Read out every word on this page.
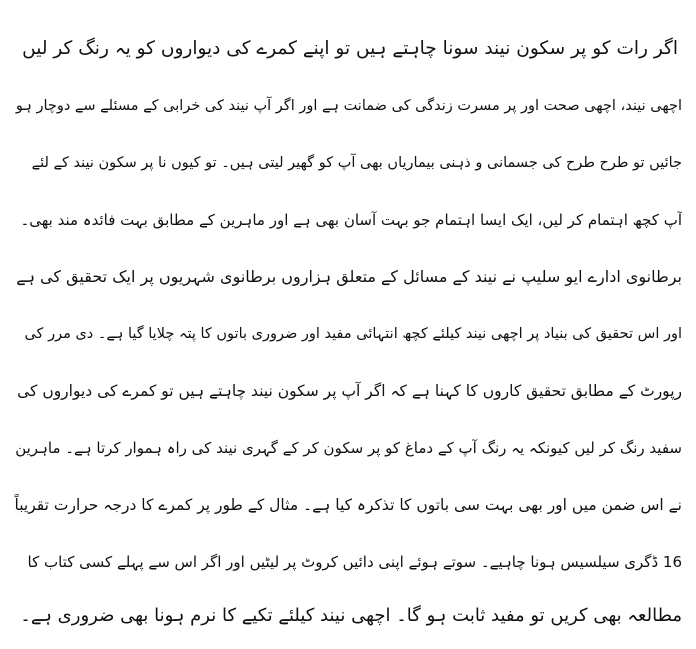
اگر رات کو پر سکون نیند سونا چاہتے ہیں تو اپنے کمرے کی دیواروں کو یہ رنگ کر لیں
اچھی نیند، اچھی صحت اور پر مسرت زندگی کی ضمانت ہے اور اگر آپ نیند کی خرابی کے مسئلے سے دوچار ہو
جائیں تو طرح طرح کی جسمانی و ذہنی بیماریاں بھی آپ کو گھیر لیتی ہیں۔ تو کیوں نا پر سکون نیند کے لئے
آپ کچھ اہتمام کر لیں، ایک ایسا اہتمام جو بہت آسان بھی ہے اور ماہرین کے مطابق بہت فائدہ مند بھی۔
برطانوی ادارے ایو سلیپ نے نیند کے مسائل کے متعلق ہزاروں برطانوی شہریوں پر ایک تحقیق کی ہے
اور اس تحقیق کی بنیاد پر اچھی نیند کیلئے کچھ انتہائی مفید اور ضروری باتوں کا پتہ چلایا گیا ہے۔ دی مرر کی
رپورٹ کے مطابق تحقیق کاروں کا کہنا ہے کہ اگر آپ پر سکون نیند چاہتے ہیں تو کمرے کی دیواروں کی
سفید رنگ کر لیں کیونکہ یہ رنگ آپ کے دماغ کو پر سکون کر کے گہری نیند کی راہ ہموار کرتا ہے۔ ماہرین
نے اس ضمن میں اور بھی بہت سی باتوں کا تذکرہ کیا ہے۔ مثال کے طور پر کمرے کا درجہ حرارت تقریباً
16 ڈگری سیلسیس ہونا چاہیے۔ سوتے ہوئے اپنی دائیں کروٹ پر لیٹیں اور اگر اس سے پہلے کسی کتاب کا
مطالعہ بھی کریں تو مفید ثابت ہو گا۔ اچھی نیند کیلئے تکیے کا نرم ہونا بھی ضروری ہے۔
